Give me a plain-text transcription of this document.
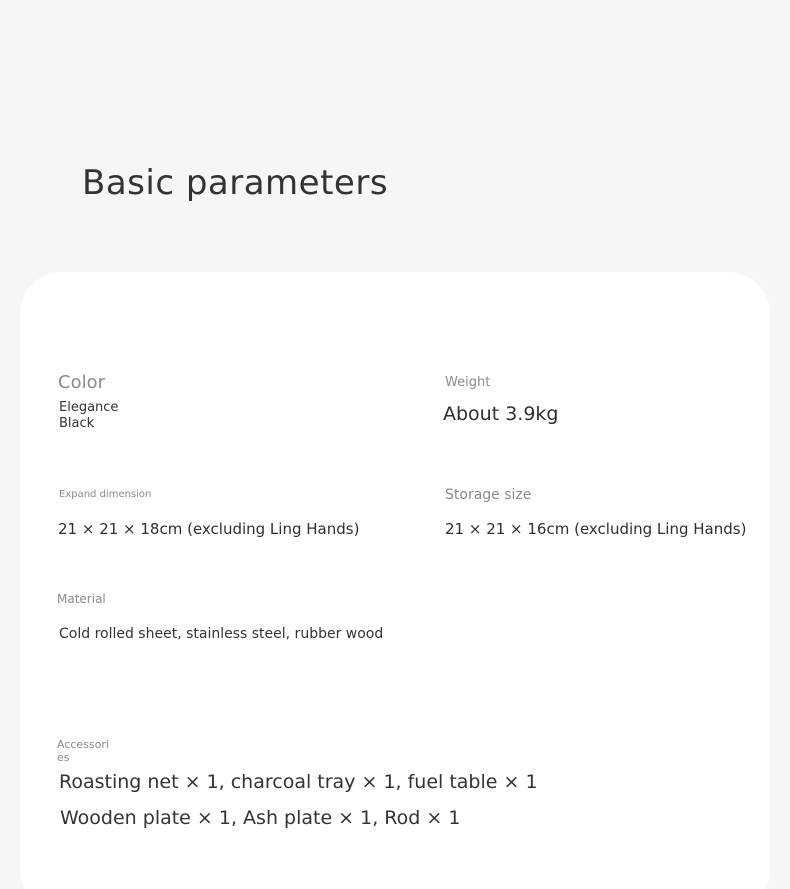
Basic parameters

Color

Elegance Black

Weight

About 3.9kg

Expand dimension

21 × 21 × 18cm (excluding Ling Hands)

Storage size

21 × 21 × 16cm (excluding Ling Hands)

Material

Cold rolled sheet, stainless steel, rubber wood

Accessories

Roasting net × 1, charcoal tray × 1, fuel table × 1

Wooden plate × 1, Ash plate × 1, Rod × 1
